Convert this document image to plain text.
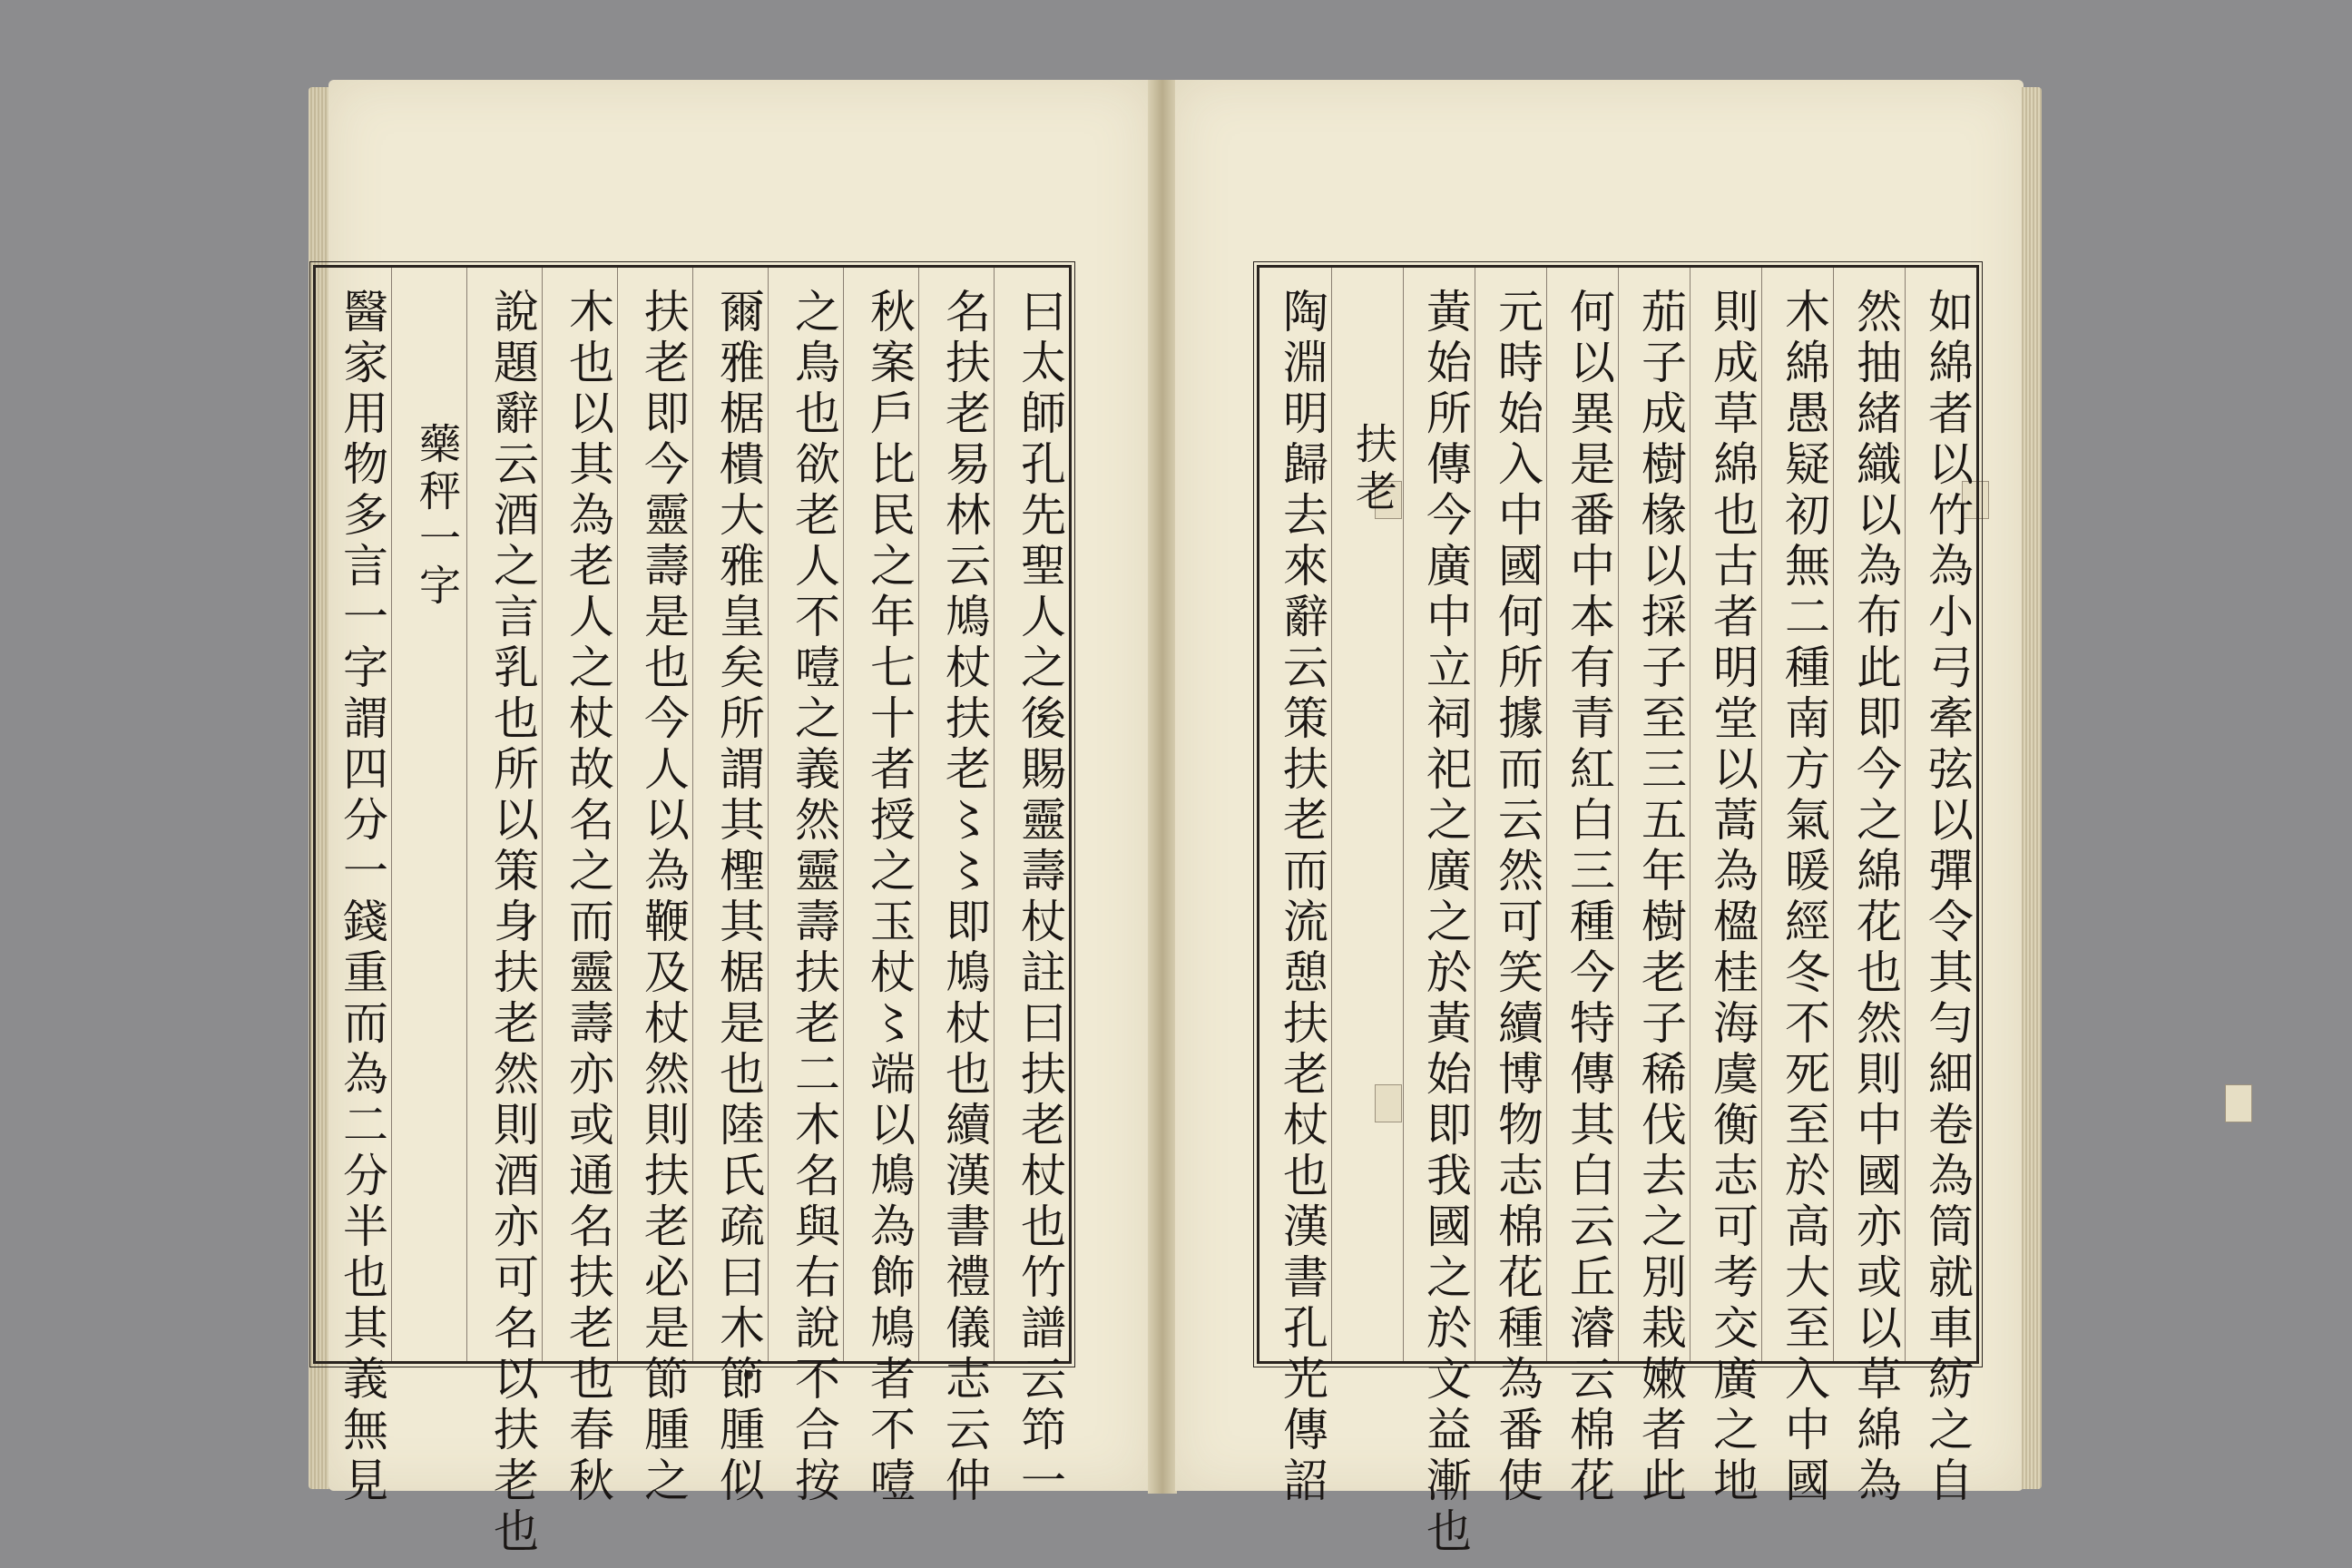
曰太師孔先聖人之後賜靈壽杖註曰扶老杖也竹譜云笻一
名扶老易林云鳩杖扶老〻〻即鳩杖也續漢書禮儀志云仲
秋案戶比民之年七十者授之玉杖〻端以鳩為飾鳩者不噎
之鳥也欲老人不噎之義然靈壽扶老二木名與右說不合按
爾雅椐樻大雅皇矣所謂其檉其椐是也陸氏疏曰木節腫似
扶老即今靈壽是也今人以為鞭及杖然則扶老必是節腫之
木也以其為老人之杖故名之而靈壽亦或通名扶老也春秋
說題辭云酒之言乳也所以策身扶老然則酒亦可名以扶老也
藥秤一字
醫家用物多言一字謂四分一錢重而為二分半也其義無見	如綿者以竹為小弓牽弦以彈令其勻細卷為筒就車紡之自
然抽緒織以為布此即今之綿花也然則中國亦或以草綿為
木綿愚疑初無二種南方氣暖經冬不死至於高大至入中國
則成草綿也古者明堂以蒿為楹桂海虞衡志可考交廣之地
茄子成樹椽以採子至三五年樹老子稀伐去之別栽嫩者此
何以異是番中本有青紅白三種今特傳其白云丘濬云棉花
元時始入中國何所據而云然可笑續博物志棉花種為番使
黃始所傳今廣中立祠祀之廣之於黃始即我國之於文益漸也
扶老
陶淵明歸去來辭云策扶老而流憩扶老杖也漢書孔光傳詔
